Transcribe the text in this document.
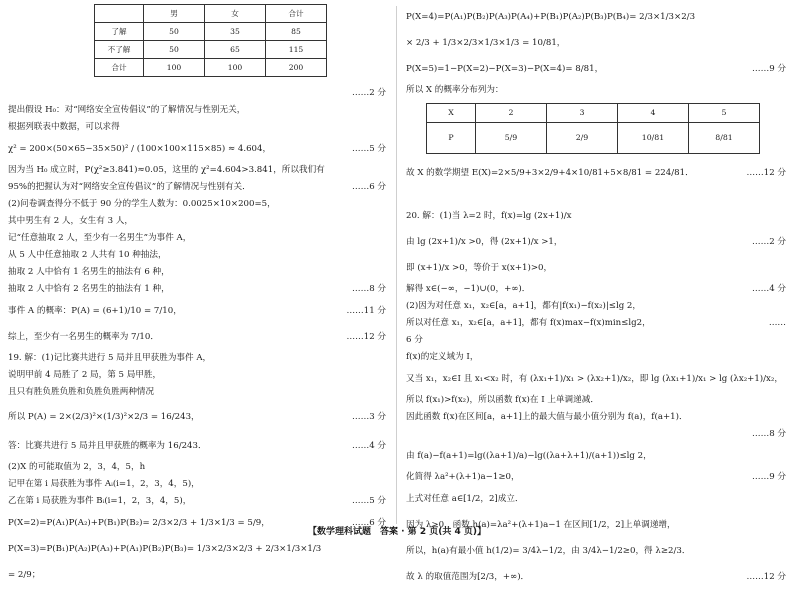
	男	女	合计
了解	50	35	85
不了解	50	65	115
合计	100	100	200
……2 分
提出假设 H₀：对“网络安全宣传倡议”的了解情况与性别无关，
根据列联表中数据，可以求得
χ² = 200×(50×65−35×50)² / (100×100×115×85) ≈ 4.604，	……5 分
因为当 H₀ 成立时，P(χ²≥3.841)≈0.05，这里的 χ²=4.604>3.841，所以我们有
95%的把握认为对“网络安全宣传倡议”的了解情况与性别有关．	……6 分
(2)问卷调查得分不低于 90 分的学生人数为：0.0025×10×200=5，
其中男生有 2 人，女生有 3 人，
记“任意抽取 2 人，至少有一名男生”为事件 A，
从 5 人中任意抽取 2 人共有 10 种抽法，
抽取 2 人中恰有 1 名男生的抽法有 6 种，
抽取 2 人中恰有 2 名男生的抽法有 1 种，	……8 分
事件 A 的概率：P(A) = (6+1)/10 = 7/10，	……11 分
综上，至少有一名男生的概率为 7/10．	……12 分
19. 解：(1)记比赛共进行 5 局并且甲获胜为事件 A，
说明甲前 4 局胜了 2 局，第 5 局甲胜，
且只有胜负胜负胜和负胜负胜两种情况
所以 P(A) = 2×(2/3)²×(1/3)²×2/3 = 16/243，	……3 分
答：比赛共进行 5 局并且甲获胜的概率为 16/243．	……4 分
(2)X 的可能取值为 2，3，4，5，h
记甲在第 i 局获胜为事件 Aᵢ(i=1，2，3，4，5)，
乙在第 i 局获胜为事件 Bᵢ(i=1，2，3，4，5)，	……5 分
P(X=2)=P(A₁)P(A₂)+P(B₁)P(B₂)= 2/3×2/3 + 1/3×1/3 = 5/9，	……6 分
P(X=3)=P(B₁)P(A₂)P(A₃)+P(A₁)P(B₂)P(B₃)= 1/3×2/3×2/3 + 2/3×1/3×1/3
= 2/9；
P(X=4)=P(A₁)P(B₂)P(A₃)P(A₄)+P(B₁)P(A₂)P(B₃)P(B₄)= 2/3×1/3×2/3
× 2/3 + 1/3×2/3×1/3×1/3 = 10/81，
P(X=5)=1−P(X=2)−P(X=3)−P(X=4)= 8/81，	……9 分
所以 X 的概率分布列为：
X	2	3	4	5
P	5/9	2/9	10/81	8/81
故 X 的数学期望 E(X)=2×5/9+3×2/9+4×10/81+5×8/81 = 224/81．	……12 分
20. 解：(1)当 λ=2 时，f(x)=lg (2x+1)/x
由 lg (2x+1)/x >0，得 (2x+1)/x >1，	……2 分
即 (x+1)/x >0，等价于 x(x+1)>0，
解得 x∈(−∞，−1)∪(0，+∞)．	……4 分
(2)因为对任意 x₁，x₂∈[a，a+1]，都有|f(x₁)−f(x₂)|≤lg 2，
所以对任意 x₁，x₂∈[a，a+1]，都有 f(x)max−f(x)min≤lg2，	……
6 分
f(x)的定义域为 I，
又当 x₁，x₂∈I 且 x₁<x₂ 时，有 (λx₁+1)/x₁ > (λx₂+1)/x₂，即 lg (λx₁+1)/x₁ > lg (λx₂+1)/x₂，
所以 f(x₁)>f(x₂)，所以函数 f(x)在 I 上单调递减．
因此函数 f(x)在区间[a，a+1]上的最大值与最小值分别为 f(a)，f(a+1)．
……8 分
由 f(a)−f(a+1)=lg((λa+1)/a)−lg((λa+λ+1)/(a+1))≤lg 2，
化简得 λa²+(λ+1)a−1≥0，	……9 分
上式对任意 a∈[1/2，2]成立．
因为 λ>0，函数 h(a)=λa²+(λ+1)a−1 在区间[1/2，2]上单调递增，
所以，h(a)有最小值 h(1/2)= 3/4λ−1/2，由 3/4λ−1/2≥0，得 λ≥2/3．
故 λ 的取值范围为[2/3，+∞)．	……12 分
【数学理科试题　答案 · 第 2 页(共 4 页)】
